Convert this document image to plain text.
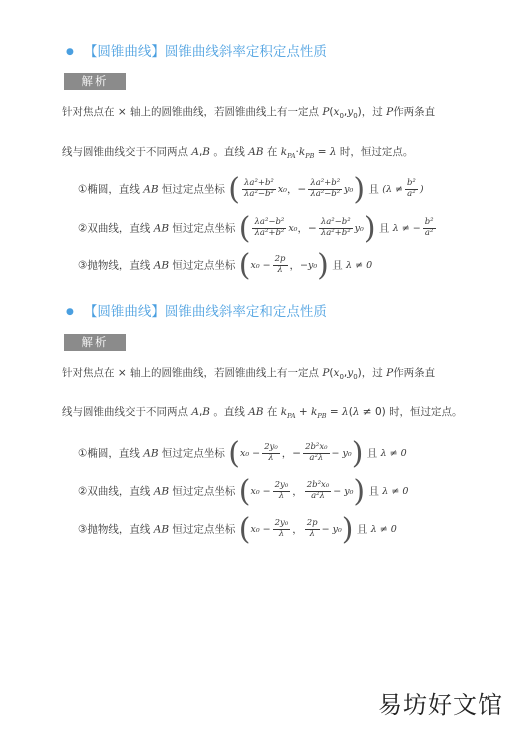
● 【圆锥曲线】圆锥曲线斜率定积定点性质
解析
针对焦点在 × 轴上的圆锥曲线，若圆锥曲线上有一定点 $P(x_0,y_0)$，过 P作两条直
线与圆锥曲线交于不同两点 A,B 。直线 AB 在 $k_{PA}\cdot k_{PB} = \lambda$ 时，恒过定点。
①椭圆，直线 AB 恒过定点坐标 ( $\frac{\text{λa²+b²}}{\text{λa²−b²}} x_0$，− $\frac{\text{λa²+b²}}{\text{λa²−b²}} y_0$) 且 ($\lambda \ne \frac{\text{b²}}{\text{a²}}$ )
②双曲线，直线 AB 恒过定点坐标 ( $\frac{\text{λa²−b²}}{\text{λa²+b²}} x_0$，− $\frac{\text{λa²−b²}}{\text{λa²+b²}} y_0$) 且 λ ≠ − $\frac{\text{b²}}{\text{a²}}$
③抛物线，直线 AB 恒过定点坐标 ($x_0 - \frac{2p}{\lambda}$ ，−y₀) 且 λ ≠ 0
● 【圆锥曲线】圆锥曲线斜率定和定点性质
解析
针对焦点在 × 轴上的圆锥曲线，若圆锥曲线上有一定点 $P(x_0,y_0)$，过 P作两条直
线与圆锥曲线交于不同两点 A,B 。直线 AB 在 $k_{PA} + k_{PB} = \lambda(\lambda \ne 0)$ 时，恒过定点。
①椭圆，直线 AB 恒过定点坐标 ($x_0 - \frac{\text{2y₀}}{\lambda}$ ，− $\frac{\text{2b²x₀}}{\text{a²λ}} - y_0$) 且 λ ≠ 0
②双曲线，直线 AB 恒过定点坐标 ($x_0 - \frac{\text{2y₀}}{\lambda}$ ， $\frac{\text{2b²x₀}}{\text{a²λ}} - y_0$) 且 λ ≠ 0
③抛物线，直线 AB 恒过定点坐标 ($x_0 - \frac{\text{2y₀}}{\lambda}$ ， $\frac{2p}{\lambda} - y_0$) 且 λ ≠ 0
易坊好文馆
